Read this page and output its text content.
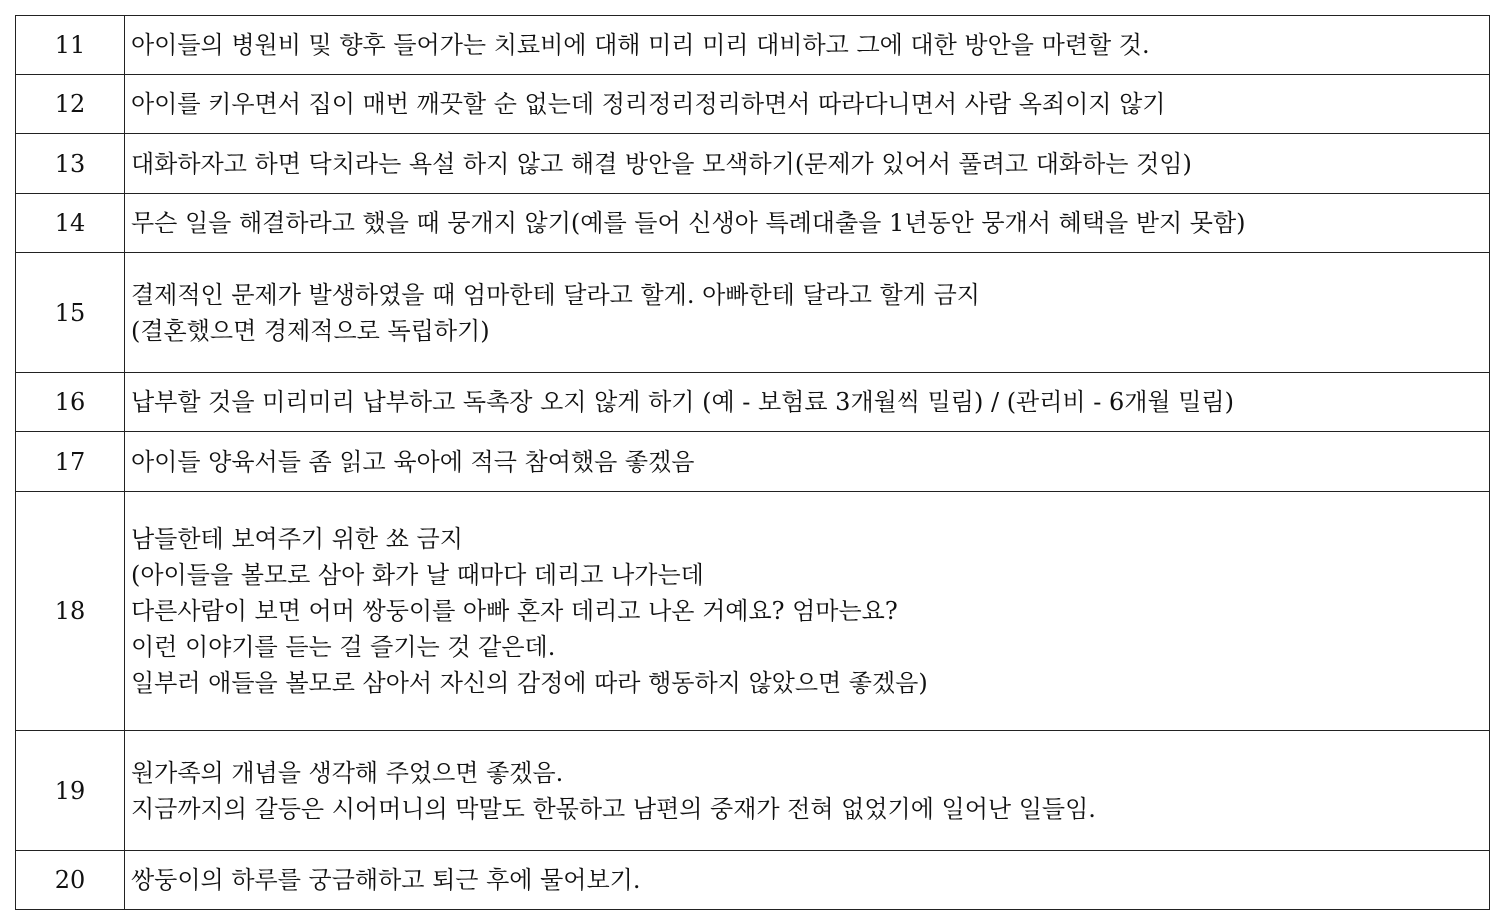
11	아이들의 병원비 및 향후 들어가는 치료비에 대해 미리 미리 대비하고 그에 대한 방안을 마련할 것.

12	아이를 키우면서 집이 매번 깨끗할 순 없는데 정리정리정리하면서 따라다니면서 사람 옥죄이지 않기

13	대화하자고 하면 닥치라는 욕설 하지 않고 해결 방안을 모색하기(문제가 있어서 풀려고 대화하는 것임)

14	무슨 일을 해결하라고 했을 때 뭉개지 않기(예를 들어 신생아 특례대출을 1년동안 뭉개서 혜택을 받지 못함)

15	결제적인 문제가 발생하였을 때 엄마한테 달라고 할게. 아빠한테 달라고 할게 금지
(결혼했으면 경제적으로 독립하기)

16	납부할 것을 미리미리 납부하고 독촉장 오지 않게 하기 (예 - 보험료 3개월씩 밀림) / (관리비 - 6개월 밀림)

17	아이들 양육서들 좀 읽고 육아에 적극 참여했음 좋겠음

18	남들한테 보여주기 위한 쑈 금지
(아이들을 볼모로 삼아 화가 날 때마다 데리고 나가는데
다른사람이 보면 어머 쌍둥이를 아빠 혼자 데리고 나온 거예요? 엄마는요?
이런 이야기를 듣는 걸 즐기는 것 같은데.
일부러 애들을 볼모로 삼아서 자신의 감정에 따라 행동하지 않았으면 좋겠음)

19	원가족의 개념을 생각해 주었으면 좋겠음.
지금까지의 갈등은 시어머니의 막말도 한몫하고 남편의 중재가 전혀 없었기에 일어난 일들임.

20	쌍둥이의 하루를 궁금해하고 퇴근 후에 물어보기.
